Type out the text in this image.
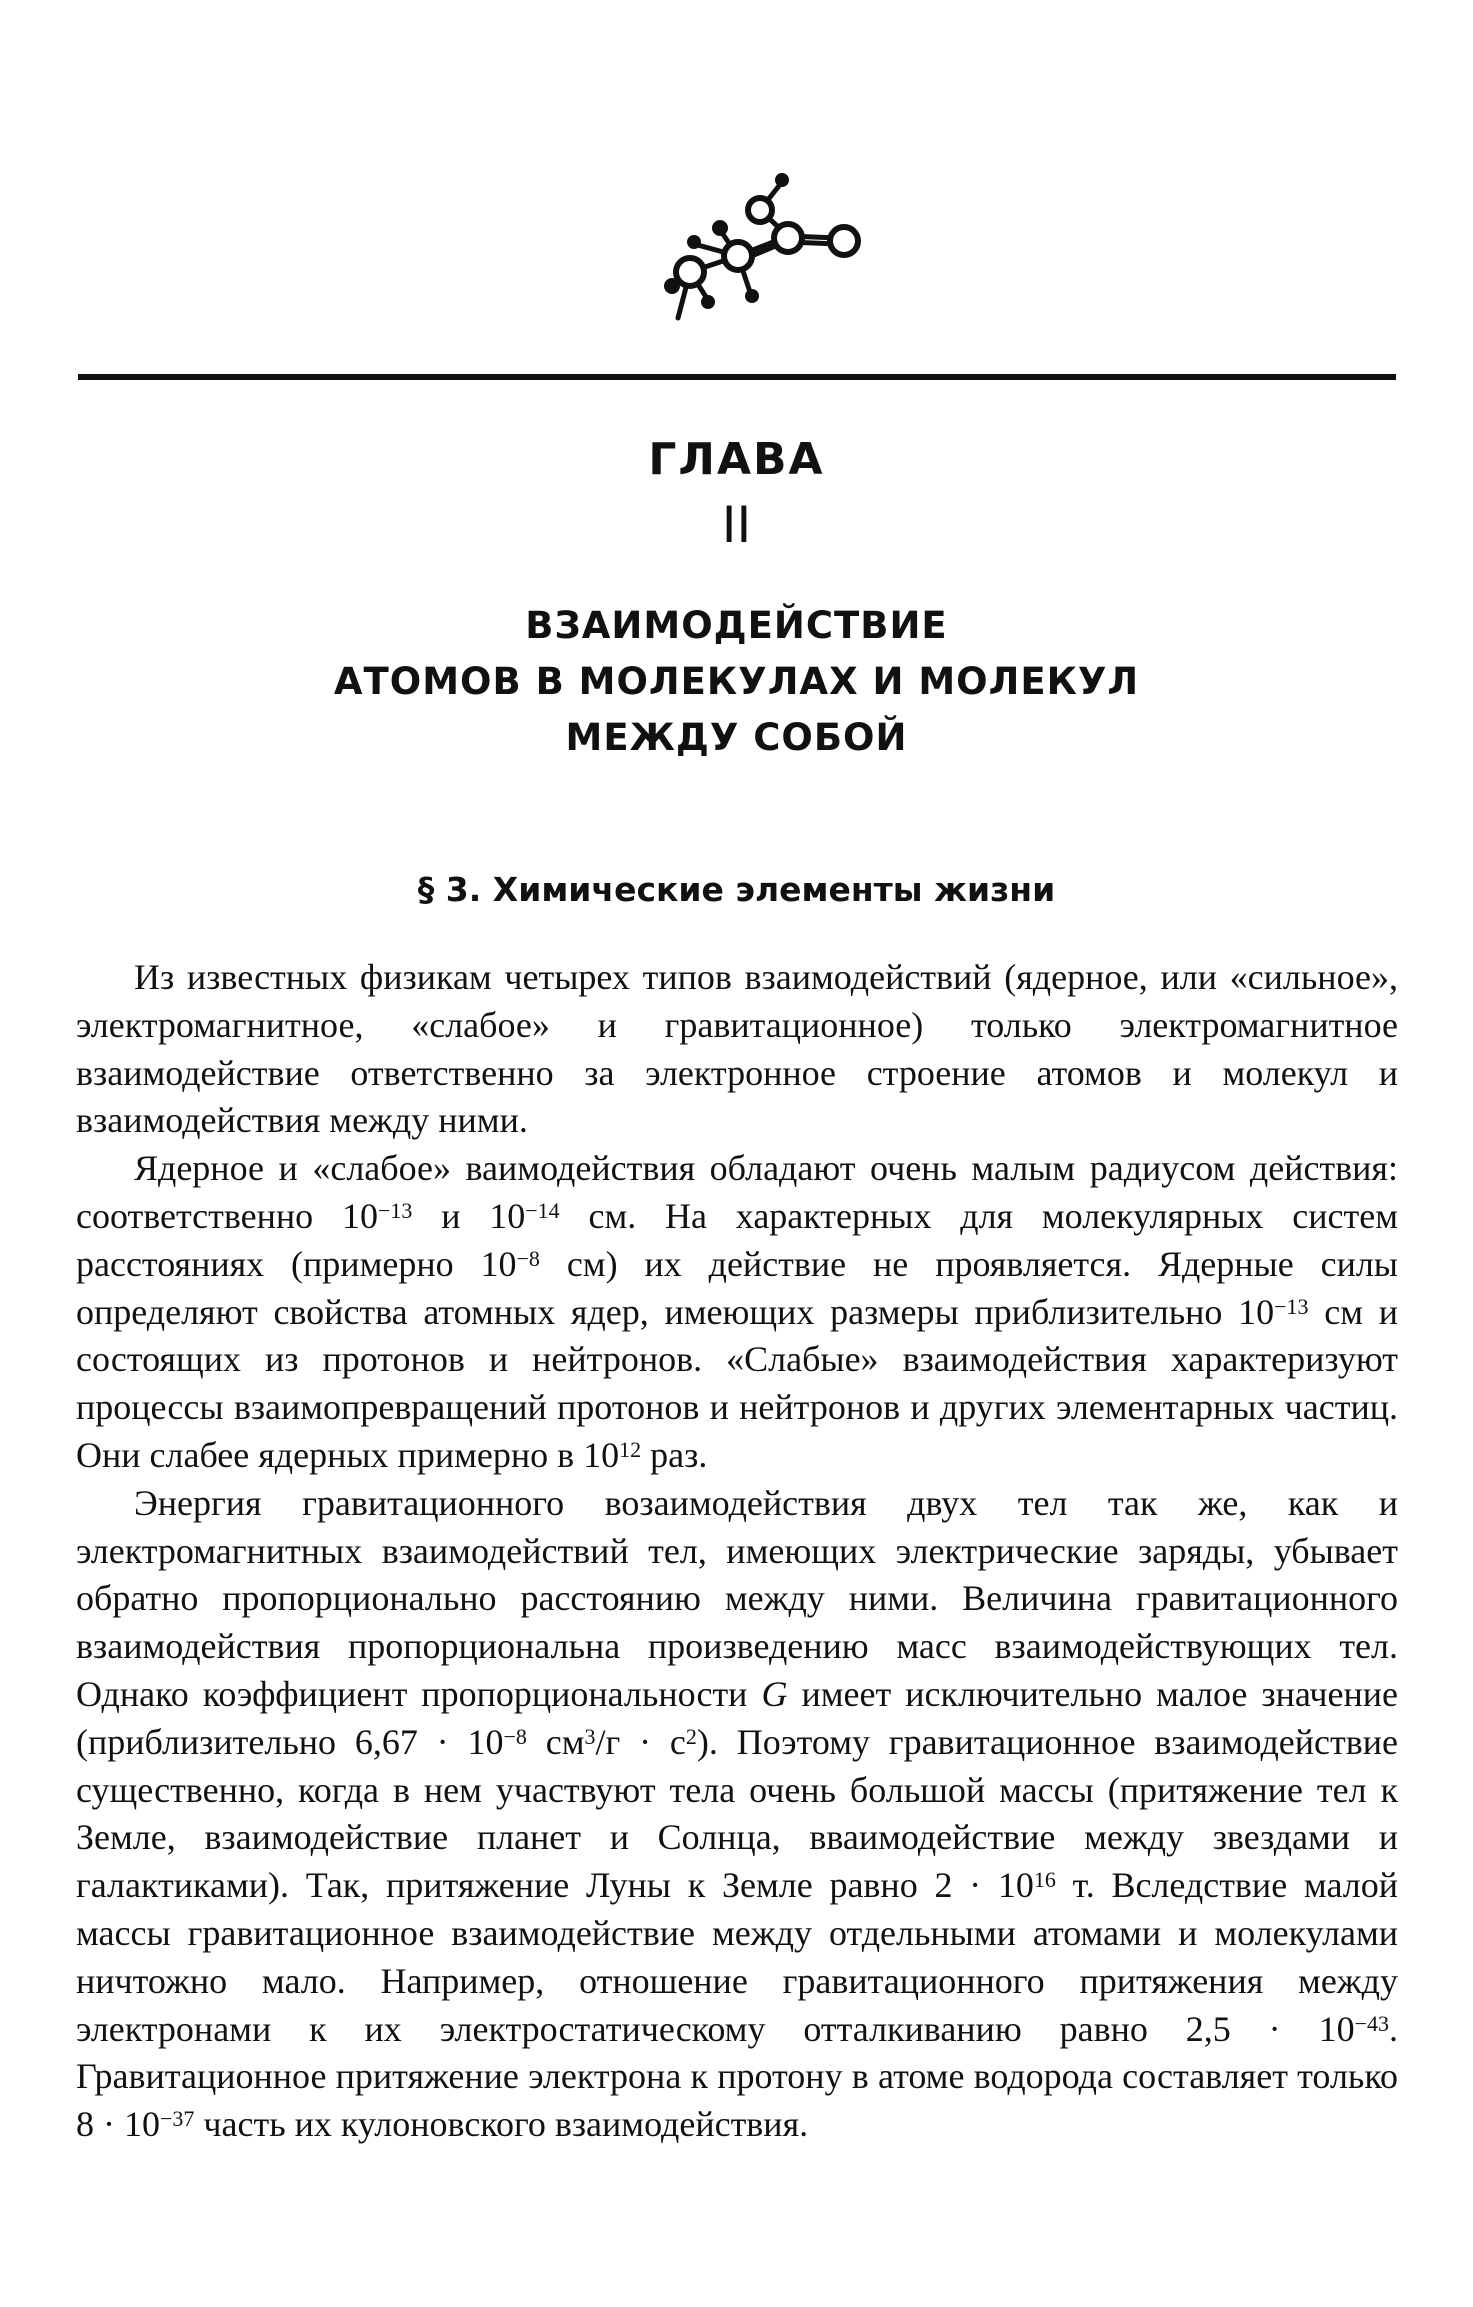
ГЛАВА
II
ВЗАИМОДЕЙСТВИЕ
АТОМОВ В МОЛЕКУЛАХ И МОЛЕКУЛ
МЕЖДУ СОБОЙ
§ 3. Химические элементы жизни

Из известных физикам четырех типов взаимодействий (ядерное, или «сильное», электромагнитное, «слабое» и гравитационное) только электромагнитное взаимодействие ответственно за электронное строение атомов и молекул и взаимодействия между ними.

Ядерное и «слабое» ваимодействия обладают очень малым радиусом действия: соответственно $10^{-13}$ и $10^{-14}$ см. На характерных для молекулярных систем расстояниях (примерно $10^{-8}$ см) их действие не проявляется. Ядерные силы определяют свойства атомных ядер, имеющих размеры приблизительно $10^{-13}$ см и состоящих из протонов и нейтронов. «Слабые» взаимодействия характеризуют процессы взаимопревращений протонов и нейтронов и других элементарных частиц. Они слабее ядерных примерно в $10^{12}$ раз.

Энергия гравитационного возаимодействия двух тел так же, как и электромагнитных взаимодействий тел, имеющих электрические заряды, убывает обратно пропорционально расстоянию между ними. Величина гравитационного взаимодействия пропорциональна произведению масс взаимодействующих тел. Однако коэффициент пропорциональности G имеет исключительно малое значение (приблизительно $6,67 \cdot 10^{-8}$ $см^3/г \cdot с^2$). Поэтому гравитационное взаимодействие существенно, когда в нем участвуют тела очень большой массы (притяжение тел к Земле, взаимодействие планет и Солнца, вваимодействие между звездами и галактиками). Так, притяжение Луны к Земле равно $2 \cdot 10^{16}$ т. Вследствие малой массы гравитационное взаимодействие между отдельными атомами и молекулами ничтожно мало. Например, отношение гравитационного притяжения между электронами к их электростатическому отталкиванию равно $2,5 \cdot 10^{-43}$. Гравитационное притяжение электрона к протону в атоме водорода составляет только $8 \cdot 10^{-37}$ часть их кулоновского взаимодействия.
